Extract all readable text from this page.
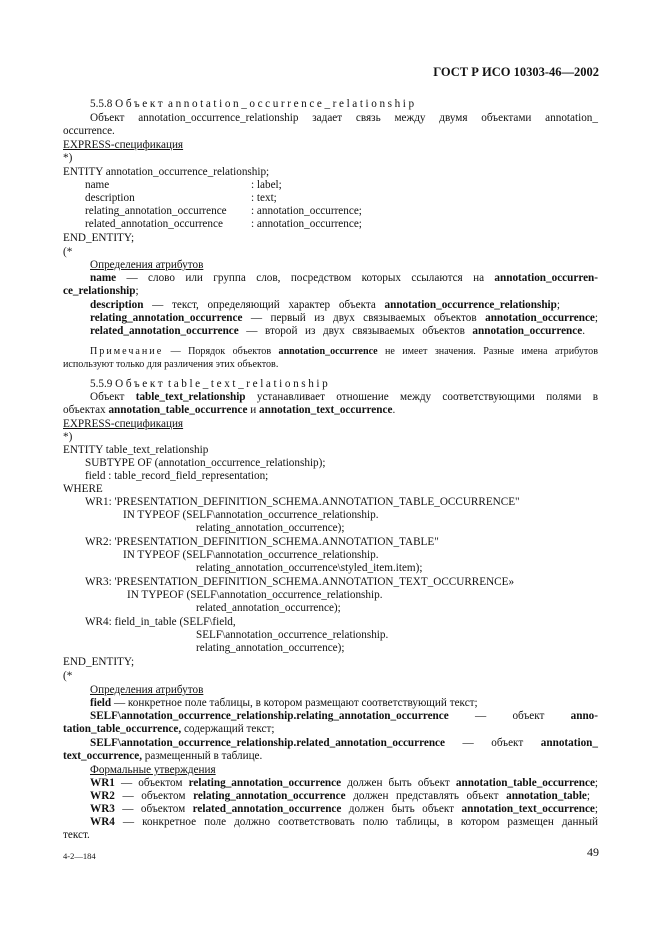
ГОСТ Р ИСО 10303-46—2002
5.5.8 Объект annotation_occurrence_relationship
Объект annotation_occurrence_relationship задает связь между двумя объектами annotation_
occurrence.
EXPRESS-спецификация
*)
ENTITY annotation_occurrence_relationship;
name	: label;
description	: text;
relating_annotation_occurrence : annotation_occurrence;
related_annotation_occurrence	: annotation_occurrence;
END_ENTITY;
(*
Определения атрибутов
name — слово или группа слов, посредством которых ссылаются на annotation_occurren-
ce_relationship;
description — текст, определяющий характер объекта annotation_occurrence_relationship;
relating_annotation_occurrence — первый из двух связываемых объектов annotation_occurrence;
related_annotation_occurrence — второй из двух связываемых объектов annotation_occurrence.
Примечание — Порядок объектов annotation_occurrence не имеет значения. Разные имена атрибутов
используют только для различения этих объектов.
5.5.9 Объект table_text_relationship
Объект table_text_relationship устанавливает отношение между соответствующими полями в
объектах annotation_table_occurrence и annotation_text_occurrence.
EXPRESS-спецификация
*)
ENTITY table_text_relationship
SUBTYPE OF (annotation_occurrence_relationship);
field : table_record_field_representation;
WHERE
WR1: 'PRESENTATION_DEFINITION_SCHEMA.ANNOTATION_TABLE_OCCURRENCE"
IN TYPEOF (SELF\annotation_occurrence_relationship.
relating_annotation_occurrence);
WR2: 'PRESENTATION_DEFINITION_SCHEMA.ANNOTATION_TABLE"
IN TYPEOF (SELF\annotation_occurrence_relationship.
relating_annotation_occurrence\styled_item.item);
WR3: 'PRESENTATION_DEFINITION_SCHEMA.ANNOTATION_TEXT_OCCURRENCE»
IN TYPEOF (SELF\annotation_occurrence_relationship.
related_annotation_occurrence);
WR4: field_in_table (SELF\field,
SELF\annotation_occurrence_relationship.
relating_annotation_occurrence);
END_ENTITY;
(*
Определения атрибутов
field — конкретное поле таблицы, в котором размещают соответствующий текст;
SELF\annotation_occurrence_relationship.relating_annotation_occurrence — объект anno-
tation_table_occurrence, содержащий текст;
SELF\annotation_occurrence_relationship.related_annotation_occurrence — объект annotation_
text_occurrence, размещенный в таблице.
Формальные утверждения
WR1 — объектом relating_annotation_occurrence должен быть объект annotation_table_occurrence;
WR2 — объектом relating_annotation_occurrence должен представлять объект annotation_table;
WR3 — объектом related_annotation_occurrence должен быть объект annotation_text_occurrence;
WR4 — конкретное поле должно соответствовать полю таблицы, в котором размещен данный
текст.
4-2—184	49
